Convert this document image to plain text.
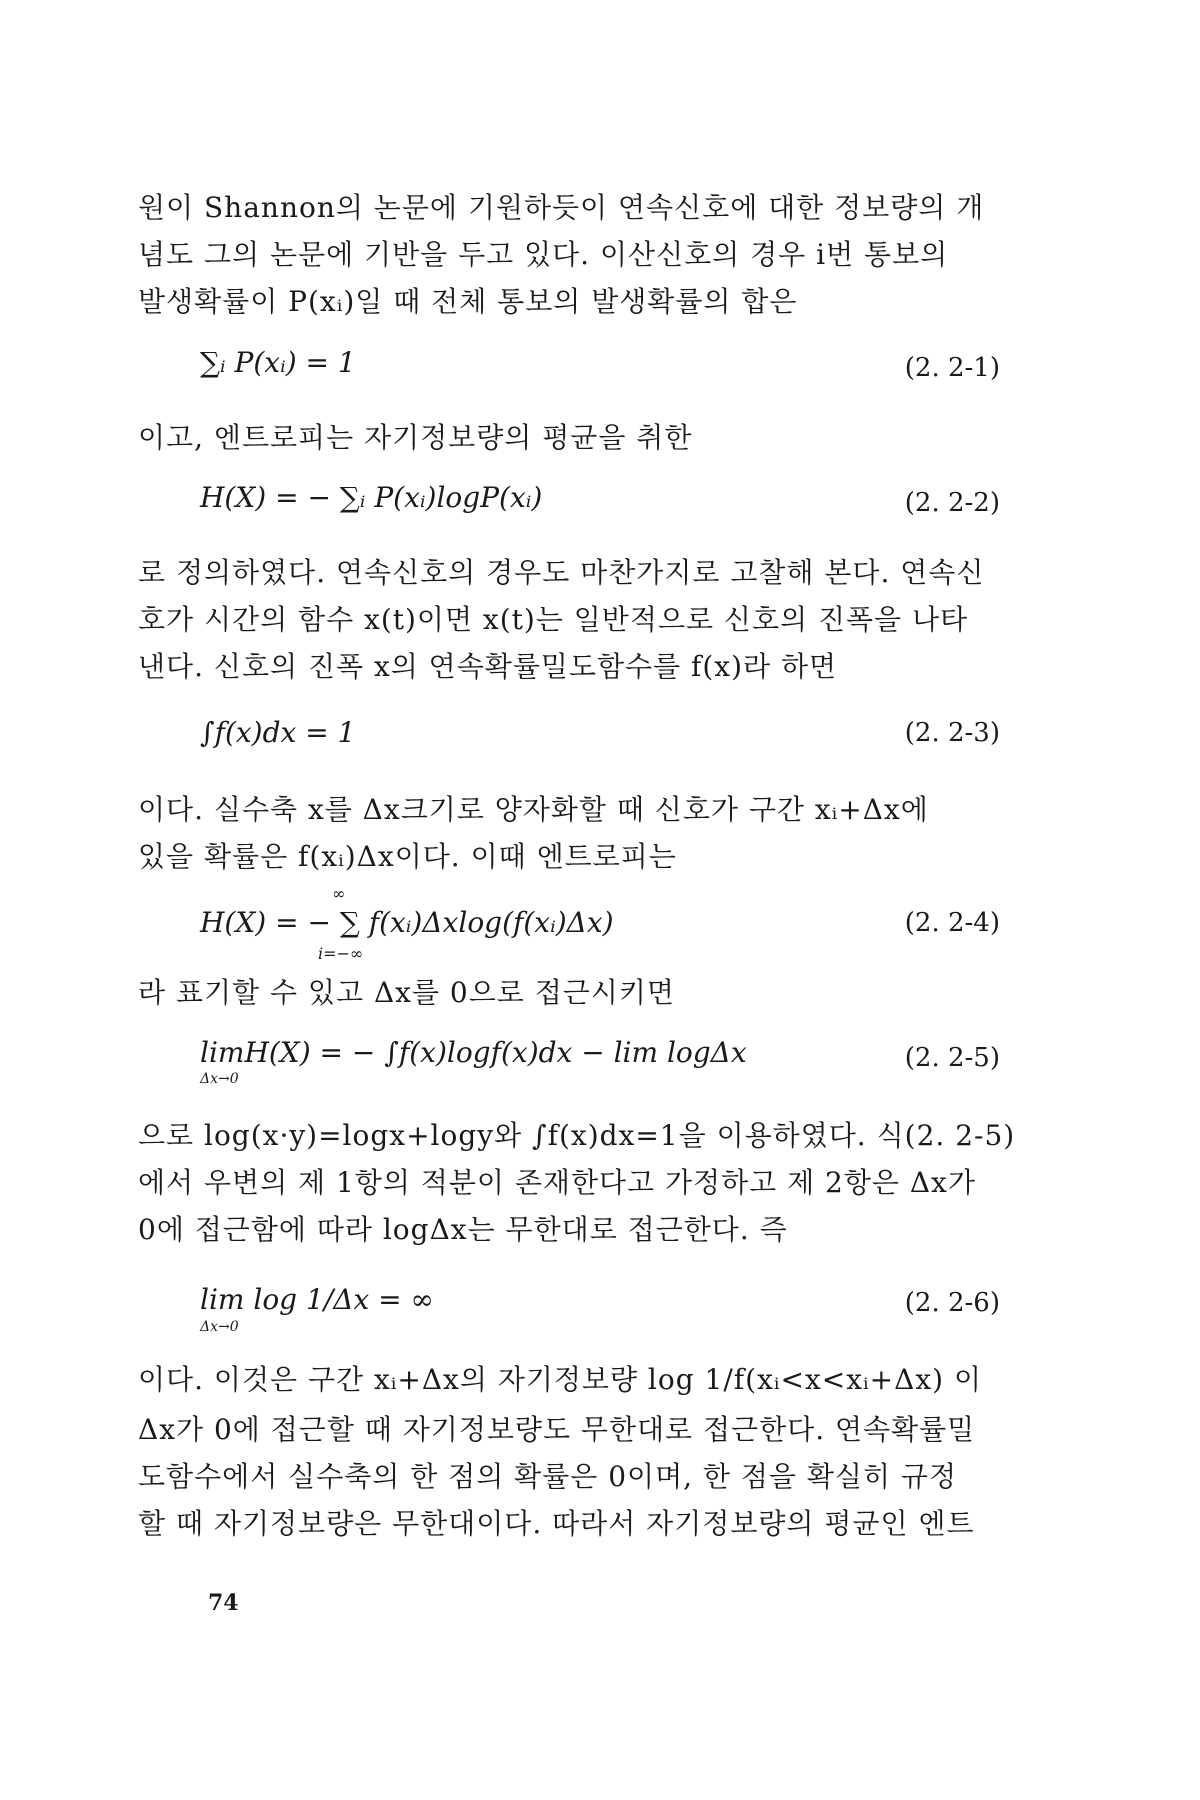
원이 Shannon의 논문에 기원하듯이 연속신호에 대한 정보량의 개
념도 그의 논문에 기반을 두고 있다. 이산신호의 경우 i번 통보의
발생확률이 P(xᵢ)일 때 전체 통보의 발생확률의 합은
∑ᵢ P(xᵢ) = 1	(2. 2-1)
이고, 엔트로피는 자기정보량의 평균을 취한
H(X) = − ∑ᵢ P(xᵢ)logP(xᵢ)	(2. 2-2)
로 정의하였다. 연속신호의 경우도 마찬가지로 고찰해 본다. 연속신
호가 시간의 함수 x(t)이면 x(t)는 일반적으로 신호의 진폭을 나타
낸다. 신호의 진폭 x의 연속확률밀도함수를 f(x)라 하면
∫f(x)dx = 1	(2. 2-3)
이다. 실수축 x를 Δx크기로 양자화할 때 신호가 구간 xᵢ+Δx에
있을 확률은 f(xᵢ)Δx이다. 이때 엔트로피는
∞
H(X) = − ∑ f(xᵢ)Δxlog(f(xᵢ)Δx)
i=−∞
(2. 2-4)
라 표기할 수 있고 Δx를 0으로 접근시키면
limH(X) = − ∫f(x)logf(x)dx − lim logΔx
Δx→0
(2. 2-5)
으로 log(x·y)=logx+logy와 ∫f(x)dx=1을 이용하였다. 식(2. 2-5)
에서 우변의 제 1항의 적분이 존재한다고 가정하고 제 2항은 Δx가
0에 접근함에 따라 logΔx는 무한대로 접근한다. 즉
lim log 1/Δx = ∞
Δx→0
(2. 2-6)
이다. 이것은 구간 xᵢ+Δx의 자기정보량 log 1/f(xᵢ<x<xᵢ+Δx) 이
Δx가 0에 접근할 때 자기정보량도 무한대로 접근한다. 연속확률밀
도함수에서 실수축의 한 점의 확률은 0이며, 한 점을 확실히 규정
할 때 자기정보량은 무한대이다. 따라서 자기정보량의 평균인 엔트
74
